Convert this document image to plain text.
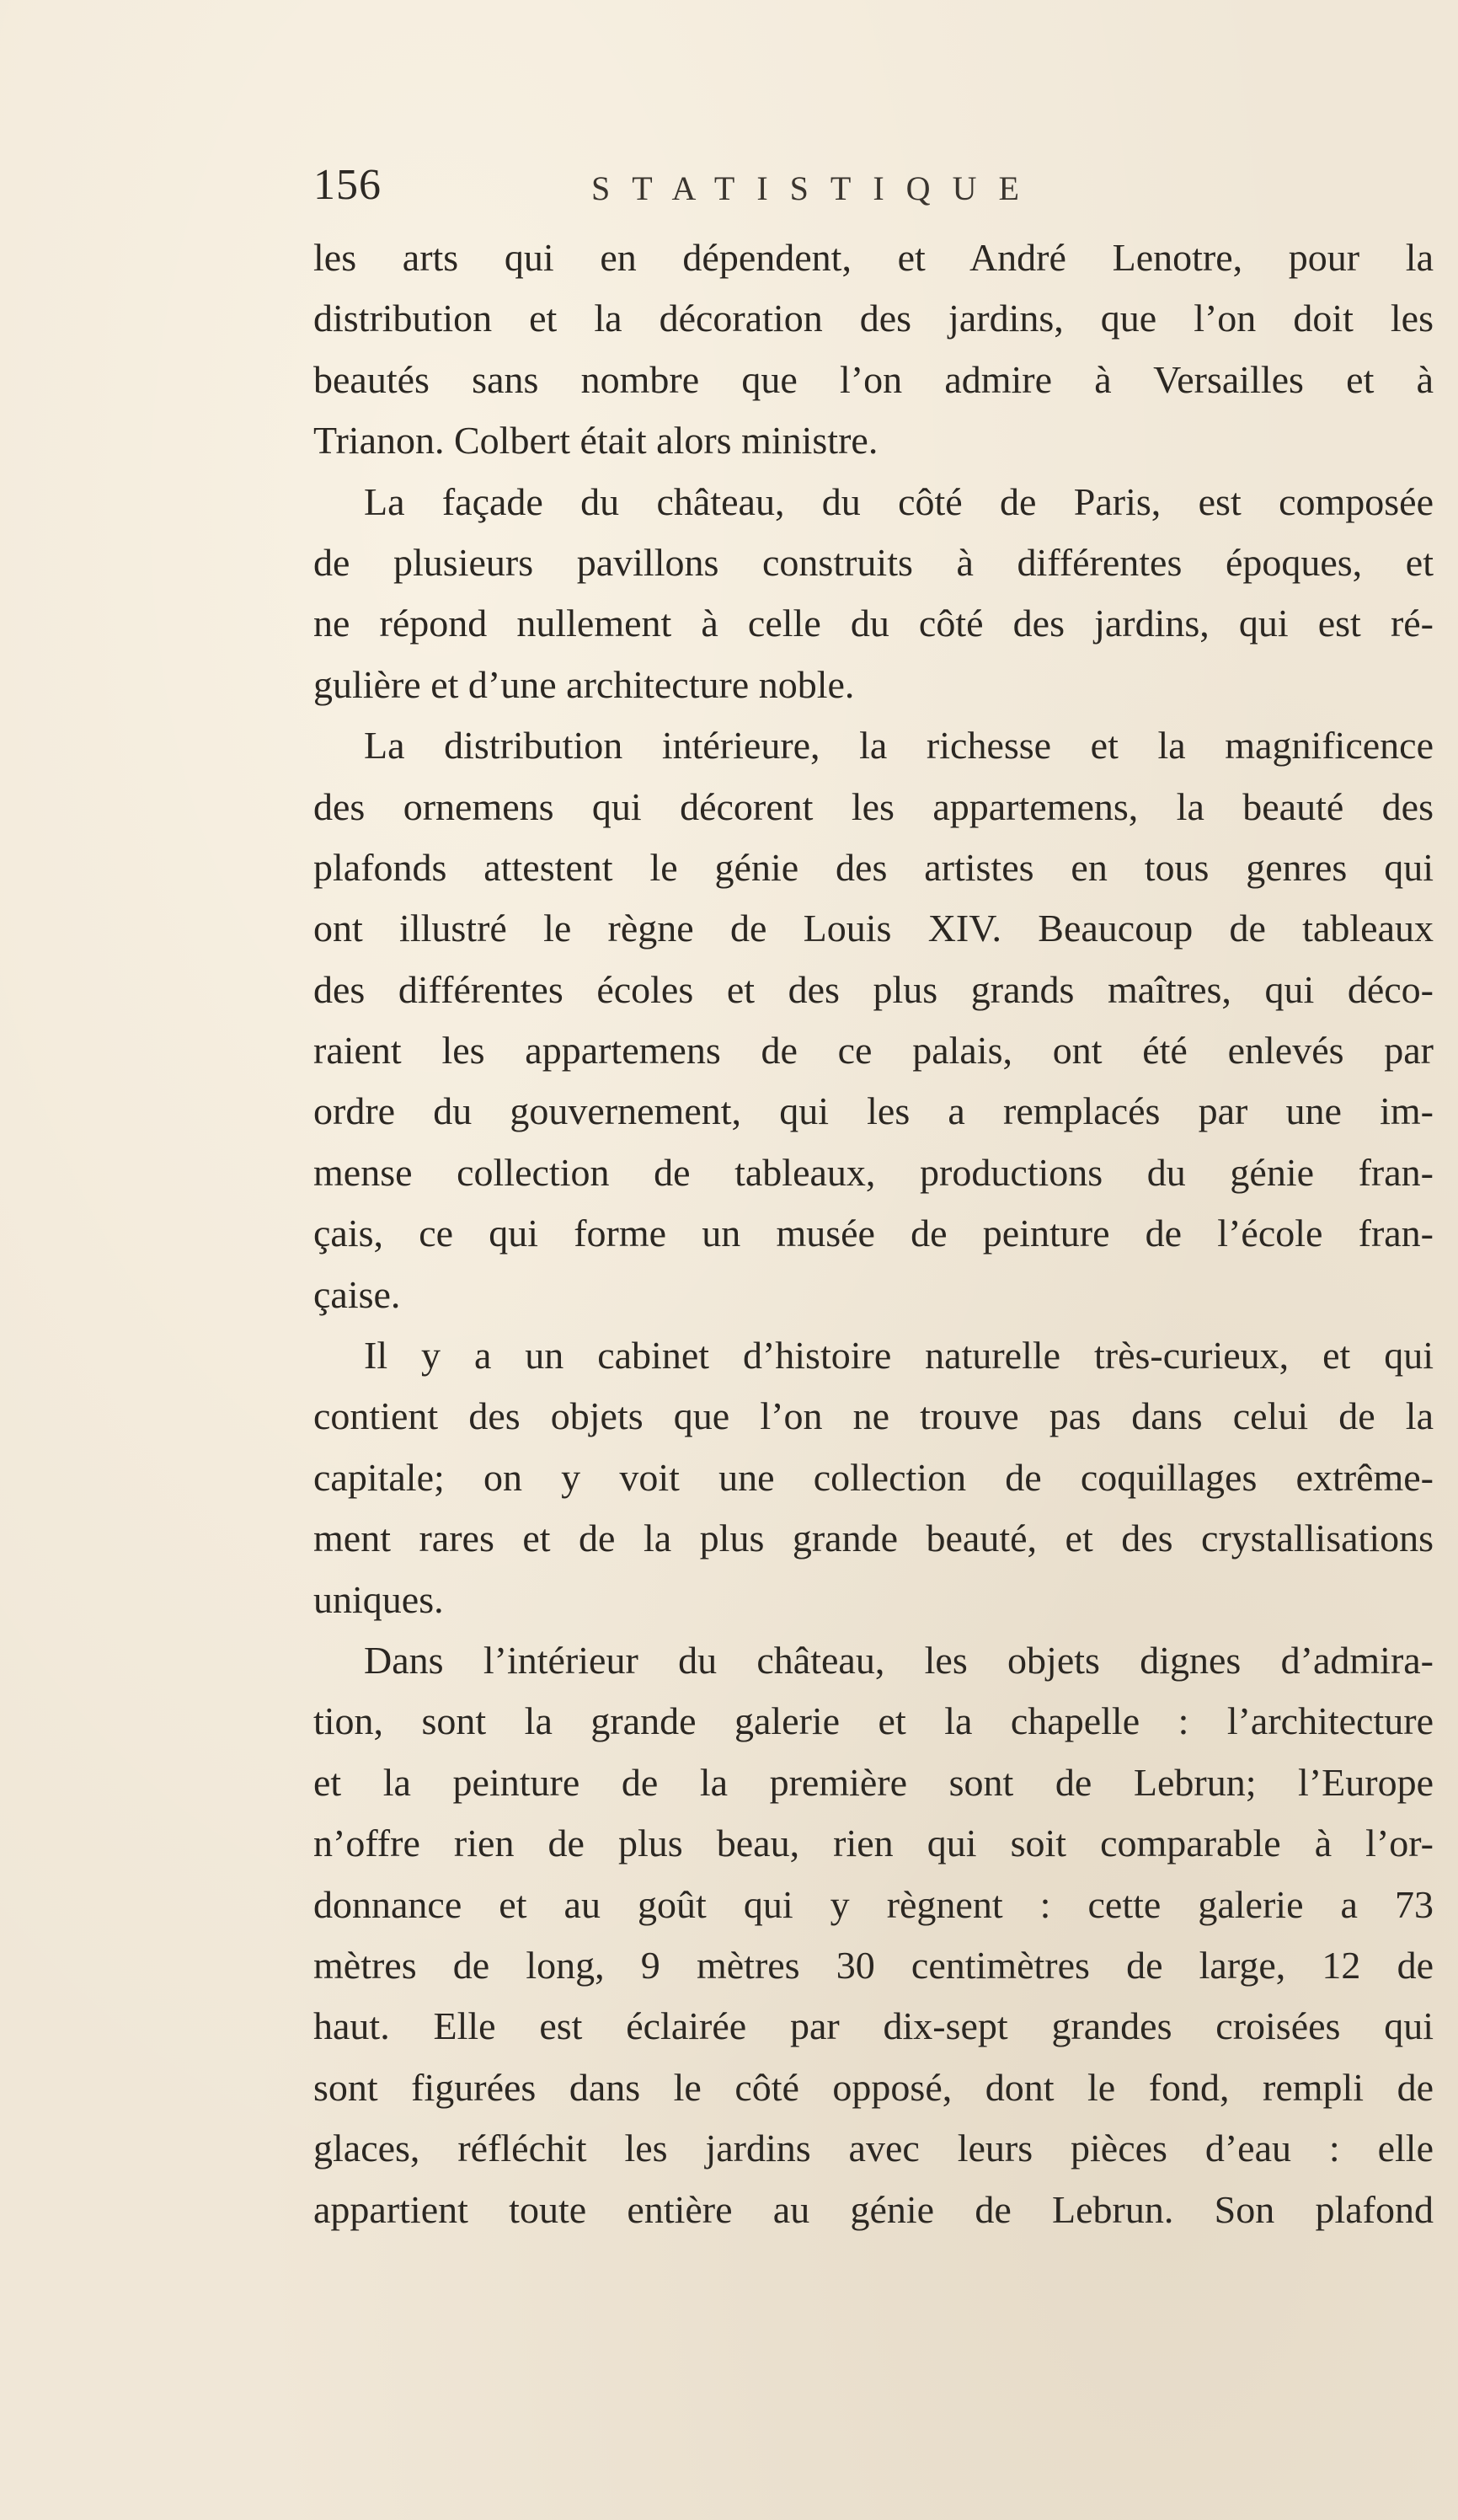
156	STATISTIQUE
les arts qui en dépendent, et André Lenotre, pour la
distribution et la décoration des jardins, que l’on doit les
beautés sans nombre que l’on admire à Versailles et à
Trianon. Colbert était alors ministre.
La façade du château, du côté de Paris, est composée
de plusieurs pavillons construits à différentes époques, et
ne répond nullement à celle du côté des jardins, qui est ré-
gulière et d’une architecture noble.
La distribution intérieure, la richesse et la magnificence
des ornemens qui décorent les appartemens, la beauté des
plafonds attestent le génie des artistes en tous genres qui
ont illustré le règne de Louis XIV. Beaucoup de tableaux
des différentes écoles et des plus grands maîtres, qui déco-
raient les appartemens de ce palais, ont été enlevés par
ordre du gouvernement, qui les a remplacés par une im-
mense collection de tableaux, productions du génie fran-
çais, ce qui forme un musée de peinture de l’école fran-
çaise.
Il y a un cabinet d’histoire naturelle très-curieux, et qui
contient des objets que l’on ne trouve pas dans celui de la
capitale; on y voit une collection de coquillages extrême-
ment rares et de la plus grande beauté, et des crystallisations
uniques.
Dans l’intérieur du château, les objets dignes d’admira-
tion, sont la grande galerie et la chapelle : l’architecture
et la peinture de la première sont de Lebrun; l’Europe
n’offre rien de plus beau, rien qui soit comparable à l’or-
donnance et au goût qui y règnent : cette galerie a 73
mètres de long, 9 mètres 30 centimètres de large, 12 de
haut. Elle est éclairée par dix-sept grandes croisées qui
sont figurées dans le côté opposé, dont le fond, rempli de
glaces, réfléchit les jardins avec leurs pièces d’eau : elle
appartient toute entière au génie de Lebrun. Son plafond
